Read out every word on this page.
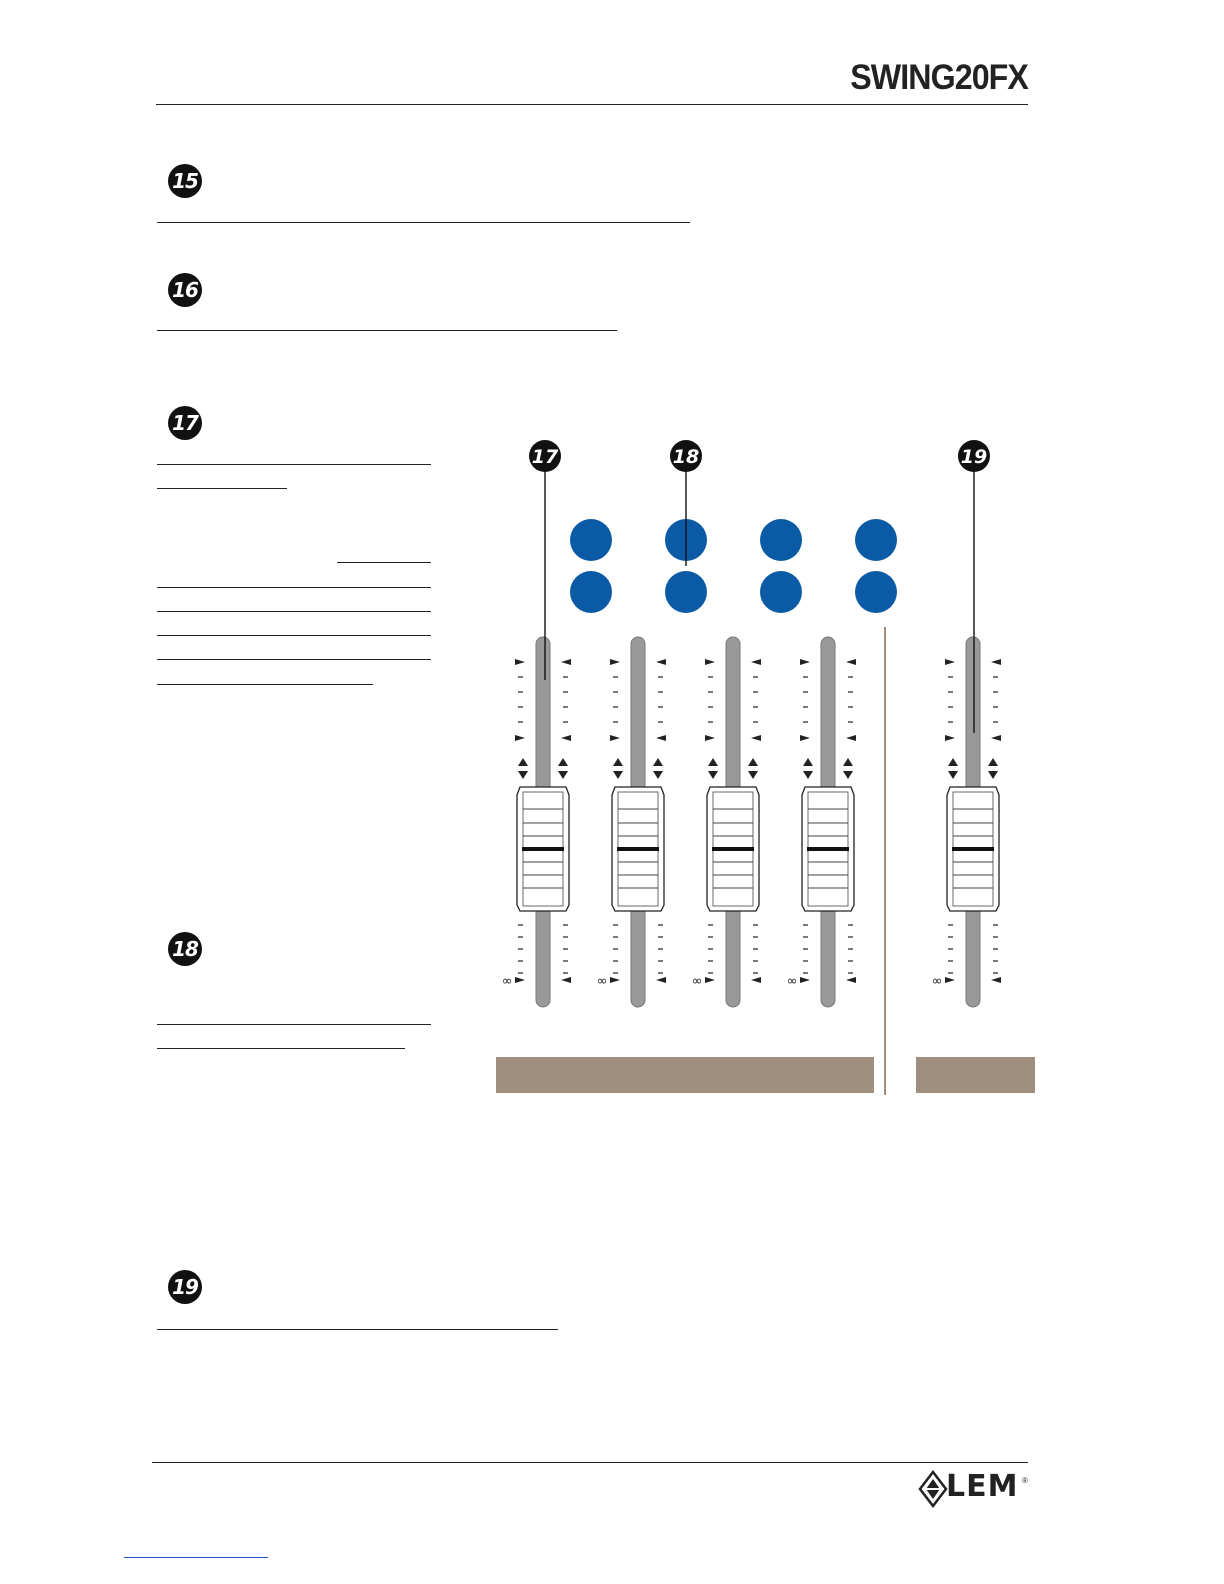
SWING20FX
15
16
17
18
19
∞	∞	∞	∞	∞
17	18	19
LEM ®
